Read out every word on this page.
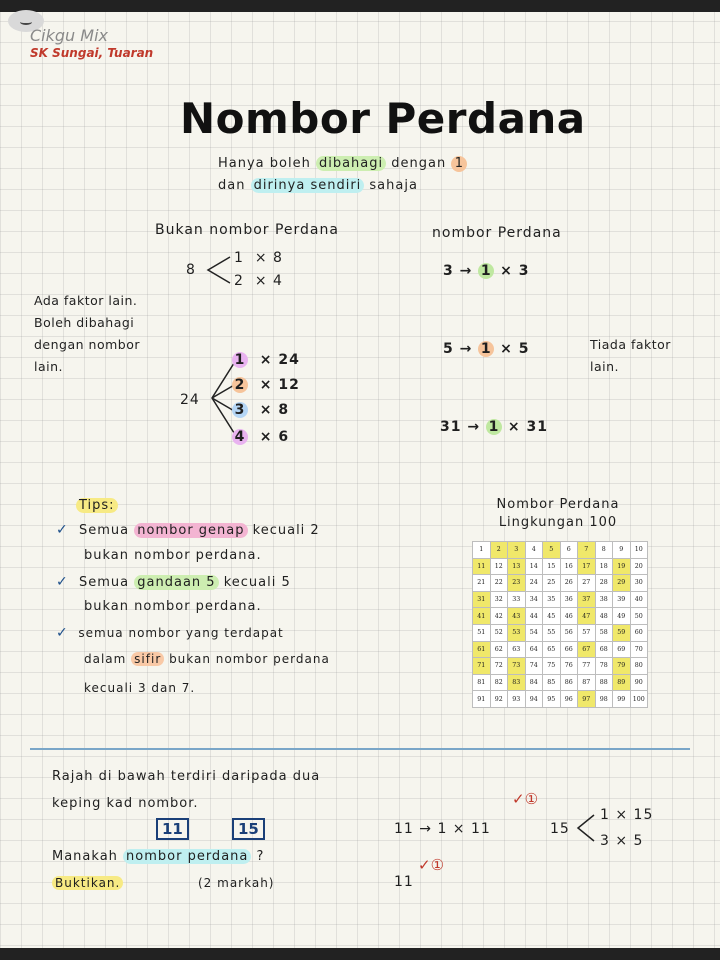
Cikgu Mix
SK Sungai, Tuaran
Nombor Perdana
Hanya boleh dibahagi dengan 1
dan dirinya sendiri sahaja
Bukan nombor Perdana
8
1 × 8
2 × 4
Ada faktor lain.
Boleh dibahagi
dengan nombor
lain.
24
1 × 24
2 × 12
3 × 8
4 × 6
nombor Perdana
3 → 1 × 3
5 → 1 × 5
31 → 1 × 31
Tiada faktor
lain.
Tips:
✓ Semua nombor genap kecuali 2
bukan nombor perdana.
✓ Semua gandaan 5 kecuali 5
bukan nombor perdana.
✓ semua nombor yang terdapat
dalam sifir bukan nombor perdana
kecuali 3 dan 7.
Nombor Perdana
Lingkungan 100
1	2	3	4	5	6	7	8	9	10
11	12	13	14	15	16	17	18	19	20
21	22	23	24	25	26	27	28	29	30
31	32	33	34	35	36	37	38	39	40
41	42	43	44	45	46	47	48	49	50
51	52	53	54	55	56	57	58	59	60
61	62	63	64	65	66	67	68	69	70
71	72	73	74	75	76	77	78	79	80
81	82	83	84	85	86	87	88	89	90
91	92	93	94	95	96	97	98	99	100
Rajah di bawah terdiri daripada dua
keping kad nombor.
11	15
Manakah nombor perdana ?
Buktikan.	(2 markah)
11 → 1 × 11
✓①
15
1 × 15
3 × 5
11
✓①
